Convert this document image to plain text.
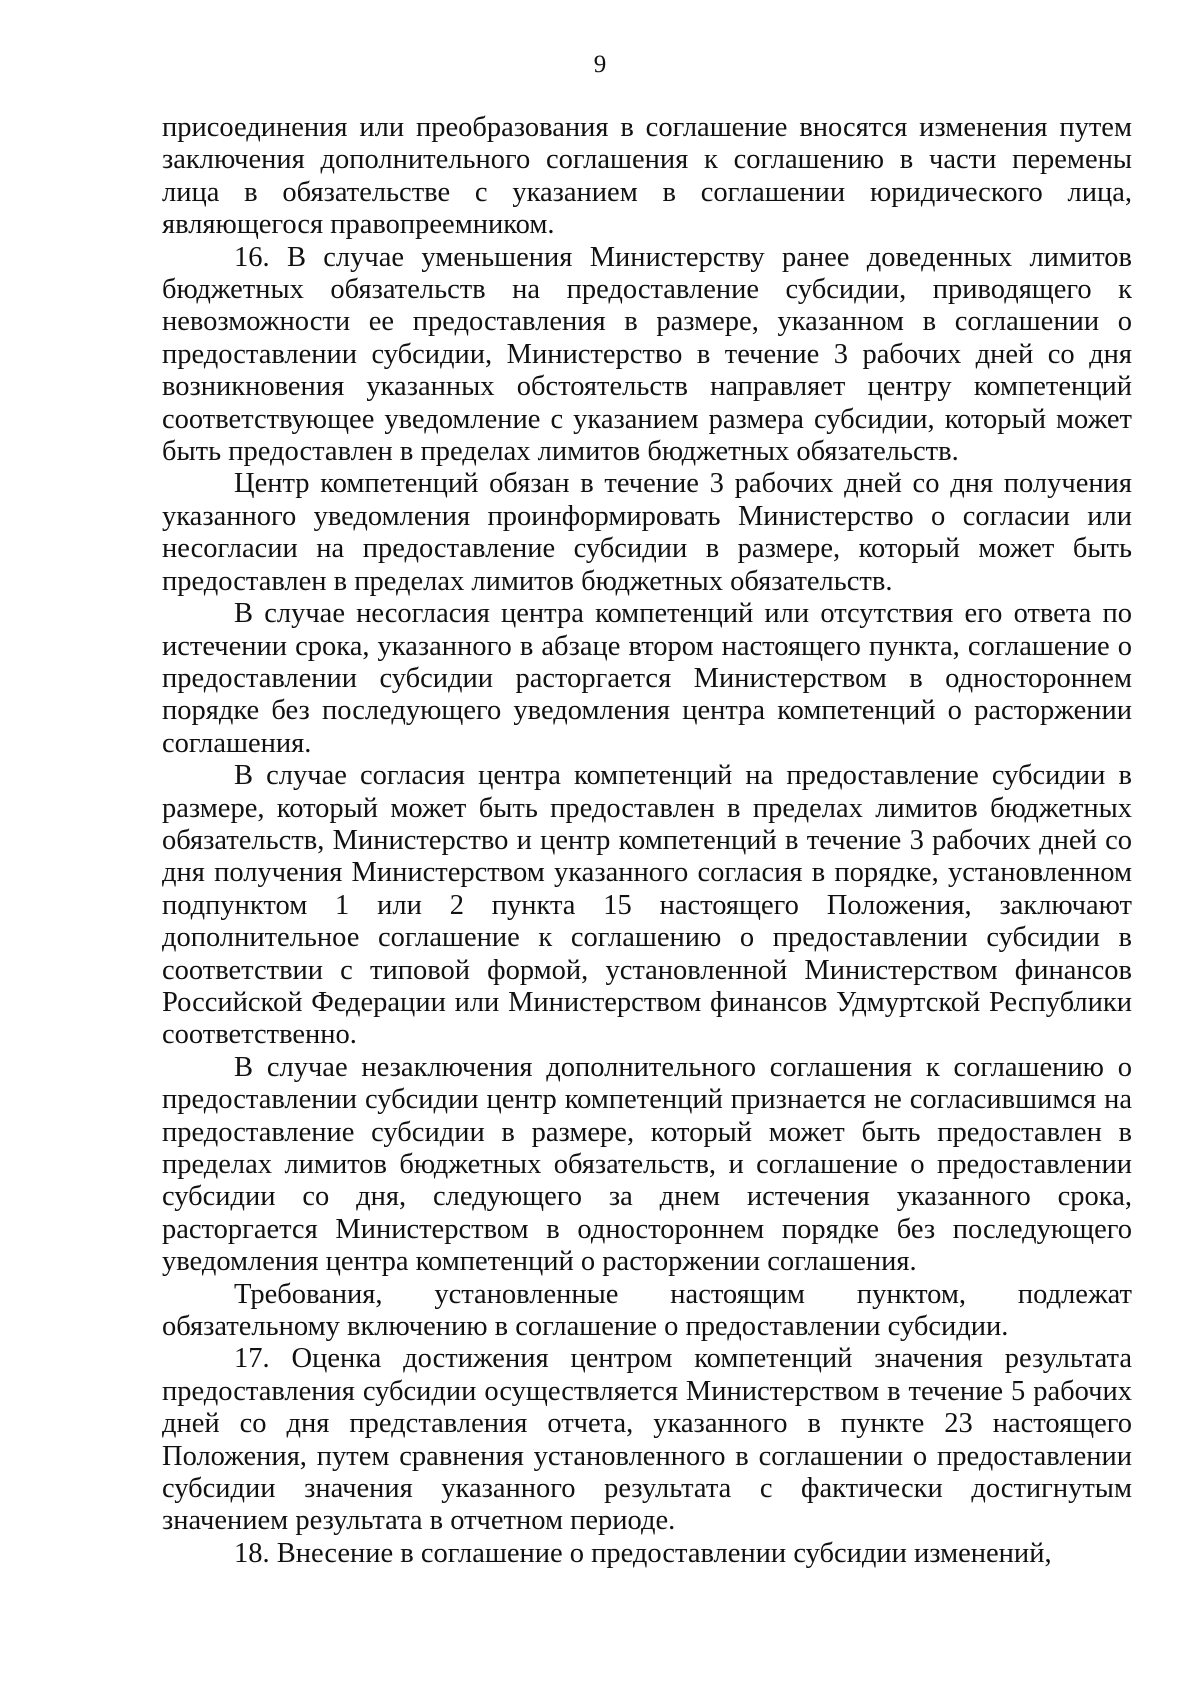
9

присоединения или преобразования в соглашение вносятся изменения путем заключения дополнительного соглашения к соглашению в части перемены лица в обязательстве с указанием в соглашении юридического лица, являющегося правопреемником.

16. В случае уменьшения Министерству ранее доведенных лимитов бюджетных обязательств на предоставление субсидии, приводящего к невозможности ее предоставления в размере, указанном в соглашении о предоставлении субсидии, Министерство в течение 3 рабочих дней со дня возникновения указанных обстоятельств направляет центру компетенций соответствующее уведомление с указанием размера субсидии, который может быть предоставлен в пределах лимитов бюджетных обязательств.

Центр компетенций обязан в течение 3 рабочих дней со дня получения указанного уведомления проинформировать Министерство о согласии или несогласии на предоставление субсидии в размере, который может быть предоставлен в пределах лимитов бюджетных обязательств.

В случае несогласия центра компетенций или отсутствия его ответа по истечении срока, указанного в абзаце втором настоящего пункта, соглашение о предоставлении субсидии расторгается Министерством в одностороннем порядке без последующего уведомления центра компетенций о расторжении соглашения.

В случае согласия центра компетенций на предоставление субсидии в размере, который может быть предоставлен в пределах лимитов бюджетных обязательств, Министерство и центр компетенций в течение 3 рабочих дней со дня получения Министерством указанного согласия в порядке, установленном подпунктом 1 или 2 пункта 15 настоящего Положения, заключают дополнительное соглашение к соглашению о предоставлении субсидии в соответствии с типовой формой, установленной Министерством финансов Российской Федерации или Министерством финансов Удмуртской Республики соответственно.

В случае незаключения дополнительного соглашения к соглашению о предоставлении субсидии центр компетенций признается не согласившимся на предоставление субсидии в размере, который может быть предоставлен в пределах лимитов бюджетных обязательств, и соглашение о предоставлении субсидии со дня, следующего за днем истечения указанного срока, расторгается Министерством в одностороннем порядке без последующего уведомления центра компетенций о расторжении соглашения.

Требования, установленные настоящим пунктом, подлежат обязательному включению в соглашение о предоставлении субсидии.

17. Оценка достижения центром компетенций значения результата предоставления субсидии осуществляется Министерством в течение 5 рабочих дней со дня представления отчета, указанного в пункте 23 настоящего Положения, путем сравнения установленного в соглашении о предоставлении субсидии значения указанного результата с фактически достигнутым значением результата в отчетном периоде.

18. Внесение в соглашение о предоставлении субсидии изменений,
